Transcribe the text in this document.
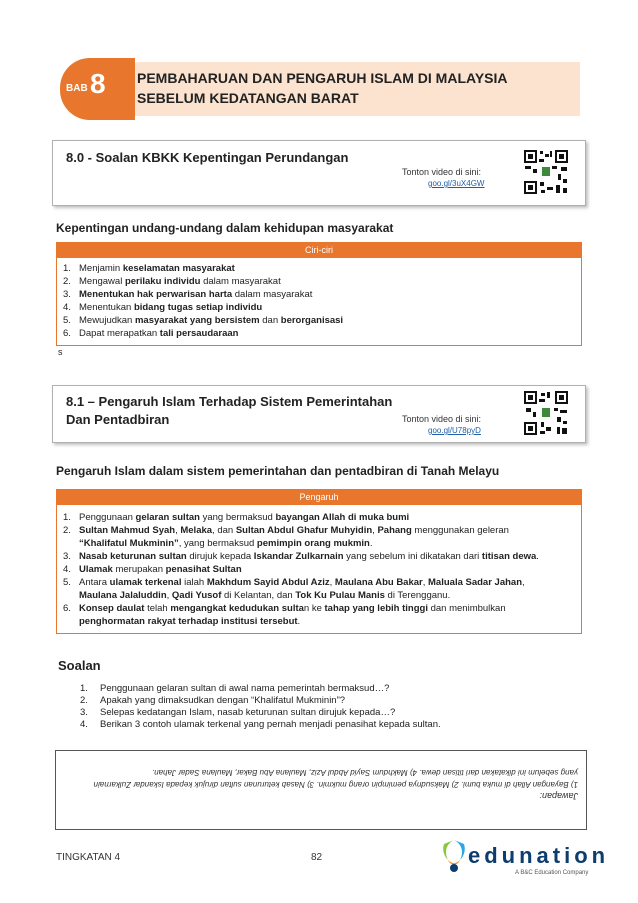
BAB 8 PEMBAHARUAN DAN PENGARUH ISLAM DI MALAYSIA
SEBELUM KEDATANGAN BARAT
8.0 - Soalan KBKK Kepentingan Perundangan
Tonton video di sini:
goo.gl/3uX4GW
Kepentingan undang-undang dalam kehidupan masyarakat
Ciri-ciri
1. Menjamin keselamatan masyarakat
2. Mengawal perilaku individu dalam masyarakat
3. Menentukan hak perwarisan harta dalam masyarakat
4. Menentukan bidang tugas setiap individu
5. Mewujudkan masyarakat yang bersistem dan berorganisasi
6. Dapat merapatkan tali persaudaraan
s
8.1 – Pengaruh Islam Terhadap Sistem Pemerintahan
Dan Pentadbiran	Tonton video di sini:
goo.gl/U78pyD
Pengaruh Islam dalam sistem pemerintahan dan pentadbiran di Tanah Melayu
Pengaruh
1. Penggunaan gelaran sultan yang bermaksud bayangan Allah di muka bumi
2. Sultan Mahmud Syah, Melaka, dan Sultan Abdul Ghafur Muhyidin, Pahang menggunakan geleran
“Khalifatul Mukminin”, yang bermaksud pemimpin orang mukmin.
3. Nasab keturunan sultan dirujuk kepada Iskandar Zulkarnain yang sebelum ini dikatakan dari titisan dewa.
4. Ulamak merupakan penasihat Sultan
5. Antara ulamak terkenal ialah Makhdum Sayid Abdul Aziz, Maulana Abu Bakar, Maluala Sadar Jahan,
Maulana Jalaluddin, Qadi Yusof di Kelantan, dan Tok Ku Pulau Manis di Terengganu.
6. Konsep daulat telah mengangkat kedudukan sultan ke tahap yang lebih tinggi dan menimbulkan
penghormatan rakyat terhadap institusi tersebut.
Soalan
1.	Penggunaan gelaran sultan di awal nama pemerintah bermaksud…?
2.	Apakah yang dimaksudkan dengan “Khalifatul Mukminin”?
3.	Selepas kedatangan Islam, nasab keturunan sultan dirujuk kepada…?
4.	Berikan 3 contoh ulamak terkenal yang pernah menjadi penasihat kepada sultan.
Jawapan:
1) Bayangan Allah di muka bumi. 2) Maksudnya pemimpin orang mukmin. 3) Nasab keturunan sultan dirujuk kepada Iskandar Zulkarnain
yang sebelum ini dikatakan dari titisan dewa. 4) Makhdum Sayid Abdul Aziz, Maulana Abu Bakar, Maulana Sadar Jahan.
TINGKATAN 4	82	edunation
A B&C Education Company
